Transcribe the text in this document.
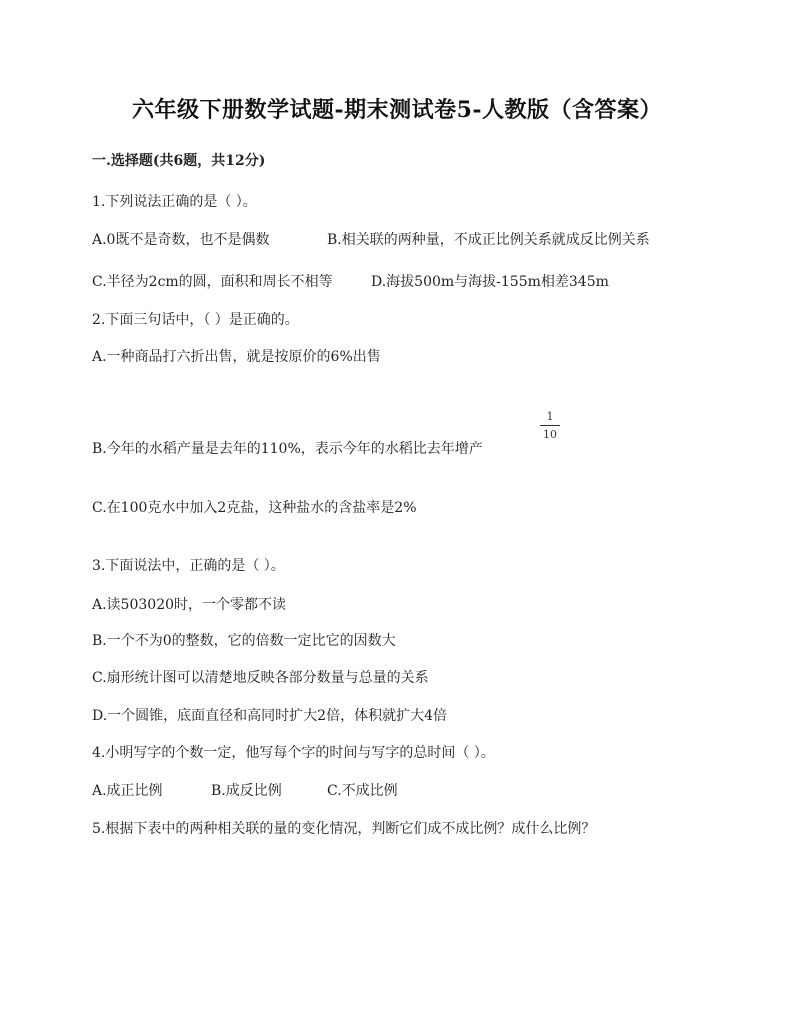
六年级下册数学试题-期末测试卷5-人教版（含答案）
一.选择题(共6题，共12分)
1.下列说法正确的是（ ）。
A.0既不是奇数，也不是偶数	B.相关联的两种量，不成正比例关系就成反比例关系
C.半径为2cm的圆，面积和周长不相等	D.海拔500m与海拔-155m相差345m
2.下面三句话中，（ ）是正确的。
A.一种商品打六折出售，就是按原价的6%出售
B.今年的水稻产量是去年的110%，表示今年的水稻比去年增产
1
10
C.在100克水中加入2克盐，这种盐水的含盐率是2%
3.下面说法中，正确的是（ ）。
A.读503020时，一个零都不读
B.一个不为0的整数，它的倍数一定比它的因数大
C.扇形统计图可以清楚地反映各部分数量与总量的关系
D.一个圆锥，底面直径和高同时扩大2倍，体积就扩大4倍
4.小明写字的个数一定，他写每个字的时间与写字的总时间（ ）。
A.成正比例	B.成反比例	C.不成比例
5.根据下表中的两种相关联的量的变化情况，判断它们成不成比例？成什么比例？
